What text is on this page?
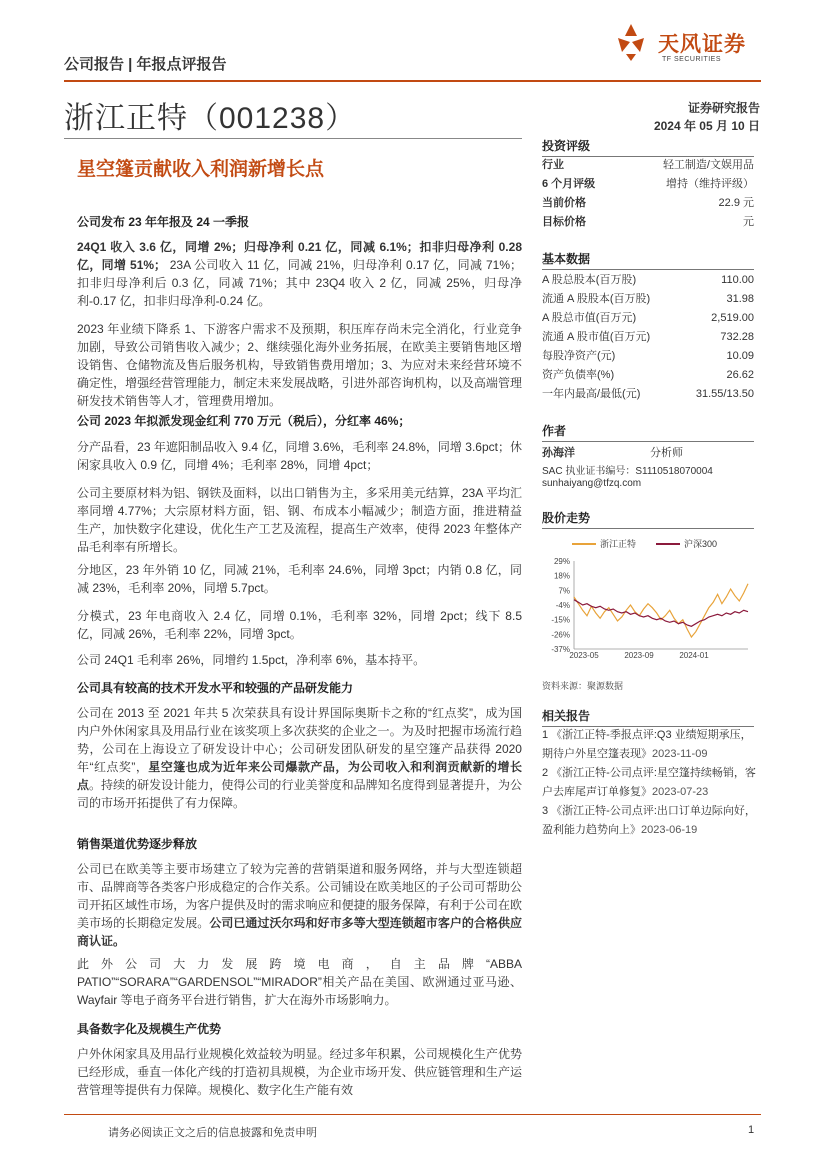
公司报告 | 年报点评报告
天风证券
TF SECURITIES
浙江正特（001238）	证券研究报告
2024 年 05 月 10 日
星空篷贡献收入利润新增长点
公司发布 23 年年报及 24 一季报
24Q1 收入 3.6 亿，同增 2%；归母净利 0.21 亿，同减 6.1%；扣非归母净利 0.28 亿，同增 51%； 23A 公司收入 11 亿，同减 21%，归母净利 0.17 亿，同减 71%；扣非归母净利后 0.3 亿，同减 71%；其中 23Q4 收入 2 亿，同减 25%，归母净利-0.17 亿，扣非归母净利-0.24 亿。
2023 年业绩下降系 1、下游客户需求不及预期，积压库存尚未完全消化，行业竞争加剧，导致公司销售收入减少；2、继续强化海外业务拓展，在欧美主要销售地区增设销售、仓储物流及售后服务机构，导致销售费用增加；3、为应对未来经营环境不确定性，增强经营管理能力，制定未来发展战略，引进外部咨询机构，以及高端管理研发技术销售等人才，管理费用增加。
公司 2023 年拟派发现金红利 770 万元（税后），分红率 46%；
分产品看，23 年遮阳制品收入 9.4 亿，同增 3.6%，毛利率 24.8%，同增 3.6pct；休闲家具收入 0.9 亿，同增 4%；毛利率 28%，同增 4pct；
公司主要原材料为铝、钢铁及面料，以出口销售为主，多采用美元结算，23A 平均汇率同增 4.77%；大宗原材料方面，铝、钢、布成本小幅减少；制造方面，推进精益生产，加快数字化建设，优化生产工艺及流程，提高生产效率，使得 2023 年整体产品毛利率有所增长。
分地区，23 年外销 10 亿，同减 21%，毛利率 24.6%，同增 3pct；内销 0.8 亿，同减 23%，毛利率 20%，同增 5.7pct。
分模式，23 年电商收入 2.4 亿，同增 0.1%，毛利率 32%，同增 2pct；线下 8.5 亿，同减 26%，毛利率 22%，同增 3pct。
公司 24Q1 毛利率 26%，同增约 1.5pct，净利率 6%，基本持平。
公司具有较高的技术开发水平和较强的产品研发能力
公司在 2013 至 2021 年共 5 次荣获具有设计界国际奥斯卡之称的“红点奖”，成为国内户外休闲家具及用品行业在该奖项上多次获奖的企业之一。为及时把握市场流行趋势，公司在上海设立了研发设计中心；公司研发团队研发的星空篷产品获得 2020 年“红点奖”，星空篷也成为近年来公司爆款产品，为公司收入和利润贡献新的增长点。持续的研发设计能力，使得公司的行业美誉度和品牌知名度得到显著提升，为公司的市场开拓提供了有力保障。
销售渠道优势逐步释放
公司已在欧美等主要市场建立了较为完善的营销渠道和服务网络，并与大型连锁超市、品牌商等各类客户形成稳定的合作关系。公司铺设在欧美地区的子公司可帮助公司开拓区域性市场，为客户提供及时的需求响应和便捷的服务保障，有利于公司在欧美市场的长期稳定发展。公司已通过沃尔玛和好市多等大型连锁超市客户的合格供应商认证。
此外公司大力发展跨境电商，自主品牌“ABBA PATIO”“SORARA”“GARDENSOL”“MIRADOR”相关产品在美国、欧洲通过亚马逊、Wayfair 等电子商务平台进行销售，扩大在海外市场影响力。
具备数字化及规模生产优势
户外休闲家具及用品行业规模化效益较为明显。经过多年积累，公司规模化生产优势已经形成，垂直一体化产线的打造初具规模，为企业市场开发、供应链管理和生产运营管理等提供有力保障。规模化、数字化生产能有效
投资评级
行业	轻工制造/文娱用品
6 个月评级	增持（维持评级）
当前价格	22.9 元
目标价格	元
基本数据
A 股总股本(百万股)	110.00
流通 A 股股本(百万股)	31.98
A 股总市值(百万元)	2,519.00
流通 A 股市值(百万元)	732.28
每股净资产(元)	10.09
资产负债率(%)	26.62
一年内最高/最低(元)	31.55/13.50
作者
孙海洋	分析师
SAC 执业证书编号：S1110518070004
sunhaiyang@tfzq.com
股价走势
浙江正特	沪深300
29%
18%
7%
-4%
-15%
-26%
-37%
2023-05	2023-09	2024-01
资料来源：聚源数据
相关报告
1 《浙江正特-季报点评:Q3 业绩短期承压，期待户外星空篷表现》2023-11-09
2 《浙江正特-公司点评:星空篷持续畅销，客户去库尾声订单修复》2023-07-23
3 《浙江正特-公司点评:出口订单边际向好，盈利能力趋势向上》2023-06-19
请务必阅读正文之后的信息披露和免责申明	1
